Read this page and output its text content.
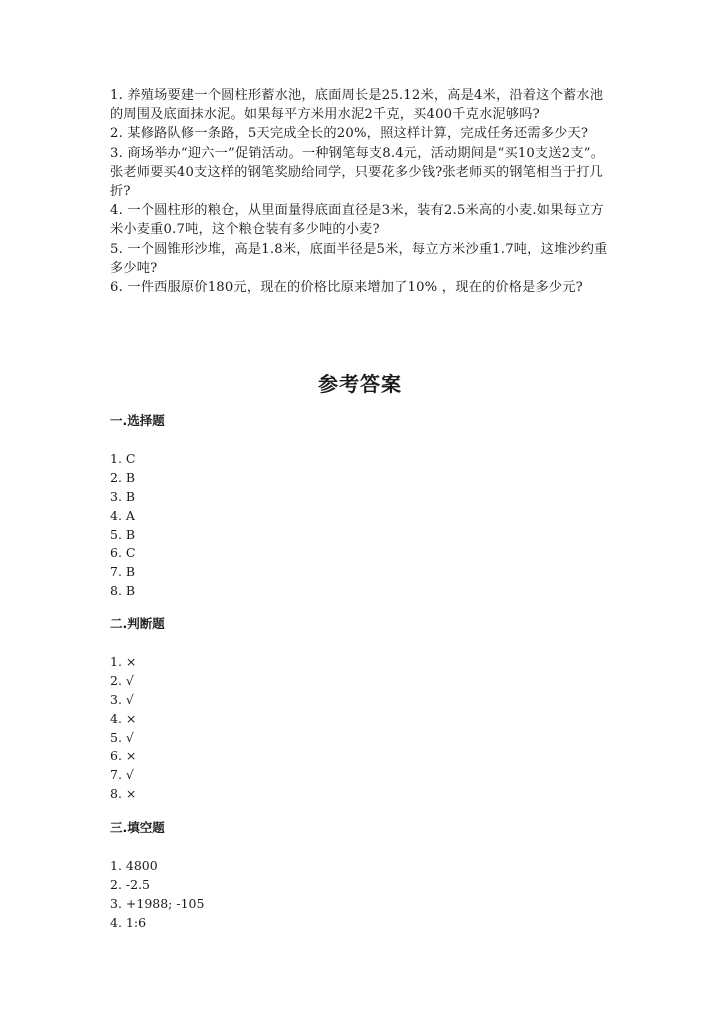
1. 养殖场要建一个圆柱形蓄水池，底面周长是25.12米，高是4米，沿着这个蓄水池的周围及底面抹水泥。如果每平方米用水泥2千克，买400千克水泥够吗?

2. 某修路队修一条路，5天完成全长的20%，照这样计算，完成任务还需多少天?

3. 商场举办“迎六一”促销活动。一种钢笔每支8.4元，活动期间是“买10支送2支”。张老师要买40支这样的钢笔奖励给同学，只要花多少钱?张老师买的钢笔相当于打几折?

4. 一个圆柱形的粮仓，从里面量得底面直径是3米，装有2.5米高的小麦.如果每立方米小麦重0.7吨，这个粮仓装有多少吨的小麦?

5. 一个圆锥形沙堆，高是1.8米，底面半径是5米，每立方米沙重1.7吨，这堆沙约重多少吨?

6. 一件西服原价180元，现在的价格比原来增加了10% ，现在的价格是多少元?

参考答案
一.选择题
1. C
2. B
3. B
4. A
5. B
6. C
7. B
8. B
二.判断题
1. ×
2. √
3. √
4. ×
5. √
6. ×
7. √
8. ×
三.填空题
1. 4800
2. -2.5
3. +1988; -105
4. 1:6
